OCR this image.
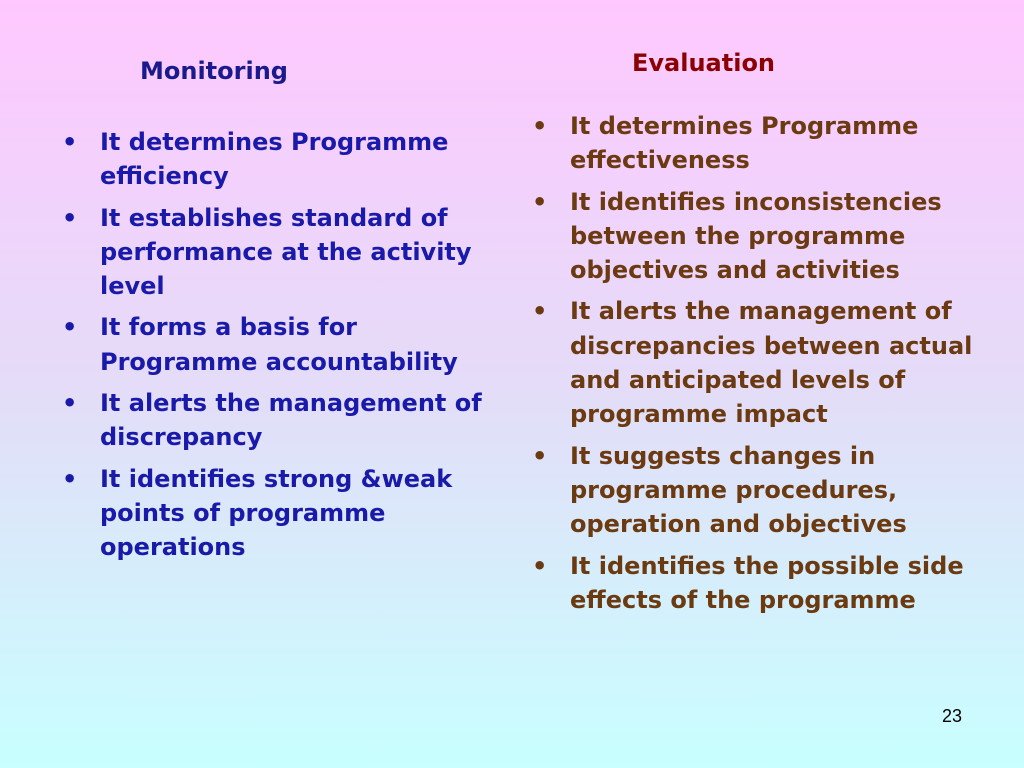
Monitoring
• It determines Programme efficiency
• It establishes standard of performance at the activity level
• It forms a basis for Programme accountability
• It alerts the management of discrepancy
• It identifies strong &weak points of programme operations
Evaluation
• It determines Programme effectiveness
• It identifies inconsistencies between the programme objectives and activities
• It alerts the management of discrepancies between actual and anticipated levels of programme impact
• It suggests changes in programme procedures, operation and objectives
• It identifies the possible side effects of the programme
23
